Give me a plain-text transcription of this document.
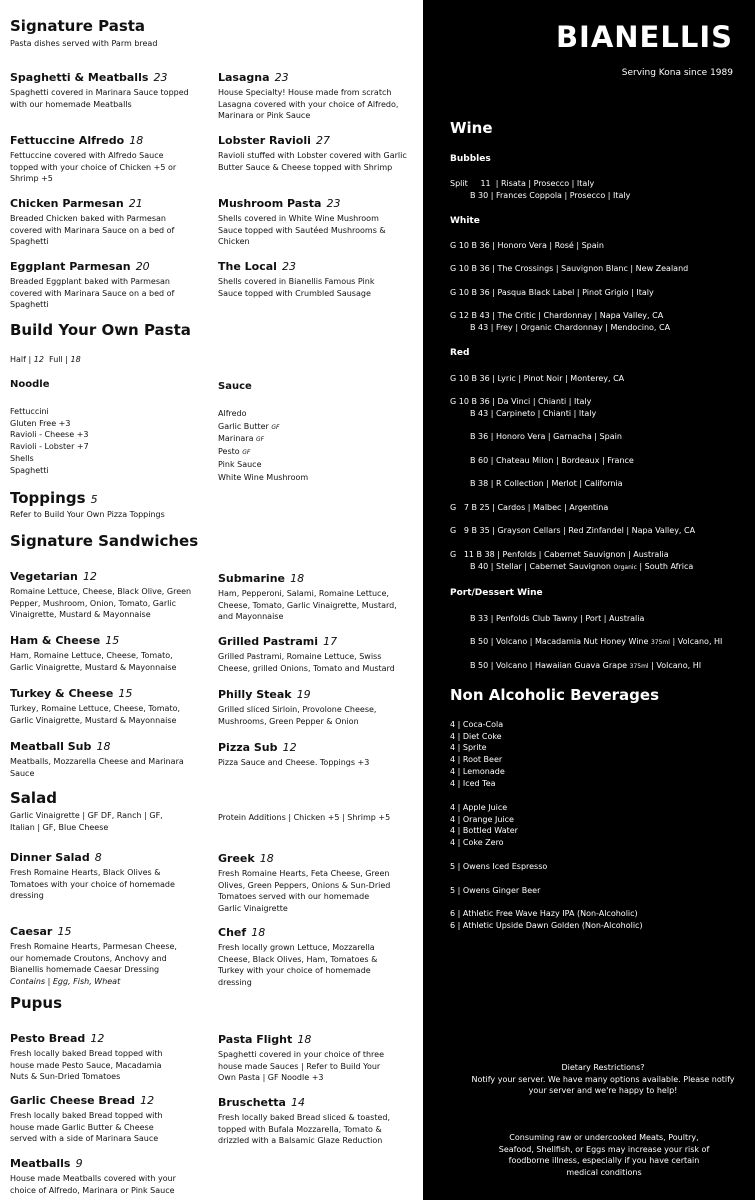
Signature Pasta
Pasta dishes served with Parm bread
Spaghetti & Meatballs 23
Spaghetti covered in Marinara Sauce topped
with our homemade Meatballs
Fettuccine Alfredo 18
Fettuccine covered with Alfredo Sauce
topped with your choice of Chicken +5 or
Shrimp +5
Chicken Parmesan 21
Breaded Chicken baked with Parmesan
covered with Marinara Sauce on a bed of
Spaghetti
Eggplant Parmesan 20
Breaded Eggplant baked with Parmesan
covered with Marinara Sauce on a bed of
Spaghetti
Lasagna 23
House Specialty! House made from scratch
Lasagna covered with your choice of Alfredo,
Marinara or Pink Sauce
Lobster Ravioli 27
Ravioli stuffed with Lobster covered with Garlic
Butter Sauce & Cheese topped with Shrimp
Mushroom Pasta 23
Shells covered in White Wine Mushroom
Sauce topped with Sautéed Mushrooms &
Chicken
The Local 23
Shells covered in Bianellis Famous Pink
Sauce topped with Crumbled Sausage
Build Your Own Pasta
Half | 12  Full | 18
Noodle
Fettuccini
Gluten Free +3
Ravioli - Cheese +3
Ravioli - Lobster +7
Shells
Spaghetti
Sauce
Alfredo
Garlic Butter GF
Marinara GF
Pesto GF
Pink Sauce
White Wine Mushroom
Toppings 5
Refer to Build Your Own Pizza Toppings
Signature Sandwiches
Vegetarian 12
Romaine Lettuce, Cheese, Black Olive, Green
Pepper, Mushroom, Onion, Tomato, Garlic
Vinaigrette, Mustard & Mayonnaise
Ham & Cheese 15
Ham, Romaine Lettuce, Cheese, Tomato,
Garlic Vinaigrette, Mustard & Mayonnaise
Turkey & Cheese 15
Turkey, Romaine Lettuce, Cheese, Tomato,
Garlic Vinaigrette, Mustard & Mayonnaise
Meatball Sub 18
Meatballs, Mozzarella Cheese and Marinara
Sauce
Submarine 18
Ham, Pepperoni, Salami, Romaine Lettuce,
Cheese, Tomato, Garlic Vinaigrette, Mustard,
and Mayonnaise
Grilled Pastrami 17
Grilled Pastrami, Romaine Lettuce, Swiss
Cheese, grilled Onions, Tomato and Mustard
Philly Steak 19
Grilled sliced Sirloin, Provolone Cheese,
Mushrooms, Green Pepper & Onion
Pizza Sub 12
Pizza Sauce and Cheese. Toppings +3
Salad
Garlic Vinaigrette | GF DF, Ranch | GF,
Italian | GF, Blue Cheese
Protein Additions | Chicken +5 | Shrimp +5
Dinner Salad 8
Fresh Romaine Hearts, Black Olives &
Tomatoes with your choice of homemade
dressing
Caesar 15
Fresh Romaine Hearts, Parmesan Cheese,
our homemade Croutons, Anchovy and
Bianellis homemade Caesar Dressing
Contains | Egg, Fish, Wheat
Greek 18
Fresh Romaine Hearts, Feta Cheese, Green
Olives, Green Peppers, Onions & Sun-Dried
Tomatoes served with our homemade
Garlic Vinaigrette
Chef 18
Fresh locally grown Lettuce, Mozzarella
Cheese, Black Olives, Ham, Tomatoes &
Turkey with your choice of homemade
dressing
Pupus
Pesto Bread 12
Fresh locally baked Bread topped with
house made Pesto Sauce, Macadamia
Nuts & Sun-Dried Tomatoes
Garlic Cheese Bread 12
Fresh locally baked Bread topped with
house made Garlic Butter & Cheese
served with a side of Marinara Sauce
Meatballs 9
House made Meatballs covered with your
choice of Alfredo, Marinara or Pink Sauce
Pasta Flight 18
Spaghetti covered in your choice of three
house made Sauces | Refer to Build Your
Own Pasta | GF Noodle +3
Bruschetta 14
Fresh locally baked Bread sliced & toasted,
topped with Bufala Mozzarella, Tomato &
drizzled with a Balsamic Glaze Reduction
BIANELLIS
Serving Kona since 1989
Wine
Bubbles
Split     11  | Risata | Prosecco | Italy
B 30 | Frances Coppola | Prosecco | Italy
White
G 10 B 36 | Honoro Vera | Rosé | Spain
G 10 B 36 | The Crossings | Sauvignon Blanc | New Zealand
G 10 B 36 | Pasqua Black Label | Pinot Grigio | Italy
G 12 B 43 | The Critic | Chardonnay | Napa Valley, CA
B 43 | Frey | Organic Chardonnay | Mendocino, CA
Red
G 10 B 36 | Lyric | Pinot Noir | Monterey, CA
G 10 B 36 | Da Vinci | Chianti | Italy
B 43 | Carpineto | Chianti | Italy
B 36 | Honoro Vera | Garnacha | Spain
B 60 | Chateau Milon | Bordeaux | France
B 38 | R Collection | Merlot | California
G   7 B 25 | Cardos | Malbec | Argentina
G   9 B 35 | Grayson Cellars | Red Zinfandel | Napa Valley, CA
G   11 B 38 | Penfolds | Cabernet Sauvignon | Australia
B 40 | Stellar | Cabernet Sauvignon Organic | South Africa
Port/Dessert Wine
B 33 | Penfolds Club Tawny | Port | Australia
B 50 | Volcano | Macadamia Nut Honey Wine 375ml | Volcano, HI
B 50 | Volcano | Hawaiian Guava Grape 375ml | Volcano, HI
Non Alcoholic Beverages
4 | Coca-Cola
4 | Diet Coke
4 | Sprite
4 | Root Beer
4 | Lemonade
4 | Iced Tea
4 | Apple Juice
4 | Orange Juice
4 | Bottled Water
4 | Coke Zero
5 | Owens Iced Espresso
5 | Owens Ginger Beer
6 | Athletic Free Wave Hazy IPA (Non-Alcoholic)
6 | Athletic Upside Dawn Golden (Non-Alcoholic)
Dietary Restrictions?
Notify your server. We have many options available. Please notify
your server and we're happy to help!
Consuming raw or undercooked Meats, Poultry,
Seafood, Shellfish, or Eggs may increase your risk of
foodborne illness, especially if you have certain
medical conditions
